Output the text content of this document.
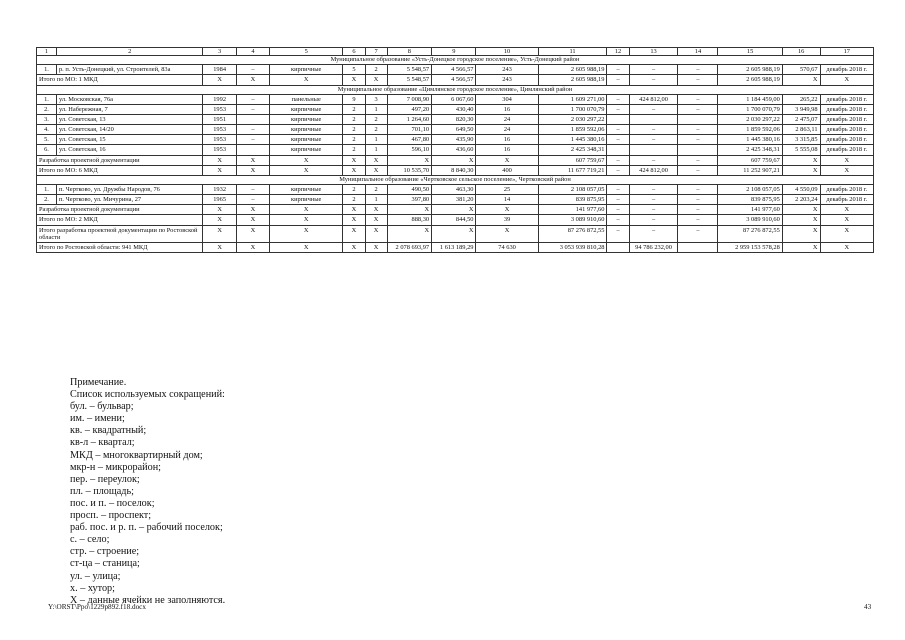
1	2	3	4	5	6	7	8	9	10	11	12	13	14	15	16	17
Муниципальное образование «Усть-Донецкое городское поселение», Усть-Донецкий район																
1.	р. п. Усть-Донецкий, ул. Строителей, 83а	1984	–	кирпичные	5	2	5 548,57	4 566,57	243	2 605 988,19	–	–	–	2 605 988,19	570,67	декабрь 2018 г.
Итого по МО: 1 МКД		X	X	X	X	X	5 548,57	4 566,57	243	2 605 988,19	–	–	–	2 605 988,19	X	X
Муниципальное образование «Цимлянское городское поселение», Цимлянский район																
1.	ул. Московская, 76а	1992	–	панельные	9	3	7 008,90	6 067,60	304	1 609 271,00	–	424 812,00	–	1 184 459,00	265,22	декабрь 2018 г.
2.	ул. Набережная, 7	1953	–	кирпичные	2	1	497,20	430,40	16	1 700 070,79	–	–	–	1 700 070,79	3 949,98	декабрь 2018 г.
3.	ул. Советская, 13	1951		кирпичные	2	2	1 264,60	820,30	24	2 030 297,22				2 030 297,22	2 475,07	декабрь 2018 г.
4.	ул. Советская, 14/20	1953	–	кирпичные	2	2	701,10	649,50	24	1 859 592,06	–	–	–	1 859 592,06	2 863,11	декабрь 2018 г.
5.	ул. Советская, 15	1953	–	кирпичные	2	1	467,80	435,90	16	1 445 380,16	–	–	–	1 445 380,16	3 315,85	декабрь 2018 г.
6.	ул. Советская, 16	1953		кирпичные	2	1	596,10	436,60	16	2 425 348,31				2 425 348,31	5 555,08	декабрь 2018 г.
Разработка проектной документации		X	X	X	X	X	X	X	X	607 759,67	–	–	–	607 759,67	X	X
Итого по МО: 6 МКД		X	X	X	X	X	10 535,70	8 840,30	400	11 677 719,21	–	424 812,00	–	11 252 907,21	X	X
Муниципальное образование «Чертковское сельское поселение», Чертковский район																
1.	п. Чертково, ул. Дружбы Народов, 76	1932	–	кирпичные	2	2	490,50	463,30	25	2 108 057,05	–	–	–	2 108 057,05	4 550,09	декабрь 2018 г.
2.	п. Чертково, ул. Мичурина, 27	1965	–	кирпичные	2	1	397,80	381,20	14	839 875,95	–	–	–	839 875,95	2 203,24	декабрь 2018 г.
Разработка проектной документации		X	X	X	X	X	X	X	X	141 977,60	–	–	–	141 977,60	X	X
Итого по МО: 2 МКД		X	X	X	X	X	888,30	844,50	39	3 089 910,60	–	–	–	3 089 910,60	X	X
Итого разработка проектной документации по Ростовской области		X	X	X	X	X	X	X	X	87 276 872,55	–	–	–	87 276 872,55	X	X
Итого по Ростовской области: 941 МКД		X	X	X	X	X	2 078 693,97	1 613 189,29	74 630	3 053 939 810,28		94 786 232,00		2 959 153 578,28	X	X
Примечание.
Список используемых сокращений:
бул. – бульвар;
им. – имени;
кв. – квадратный;
кв-л – квартал;
МКД – многоквартирный дом;
мкр-н – микрорайон;
пер. – переулок;
пл. – площадь;
пос. и п. – поселок;
просп. – проспект;
раб. пос. и р. п. – рабочий поселок;
с. – село;
стр. – строение;
ст-ца – станица;
ул. – улица;
х. – хутор;
X – данные ячейки не заполняются.
Y:\ORST\Ppo\1229p892.f18.docx	43
